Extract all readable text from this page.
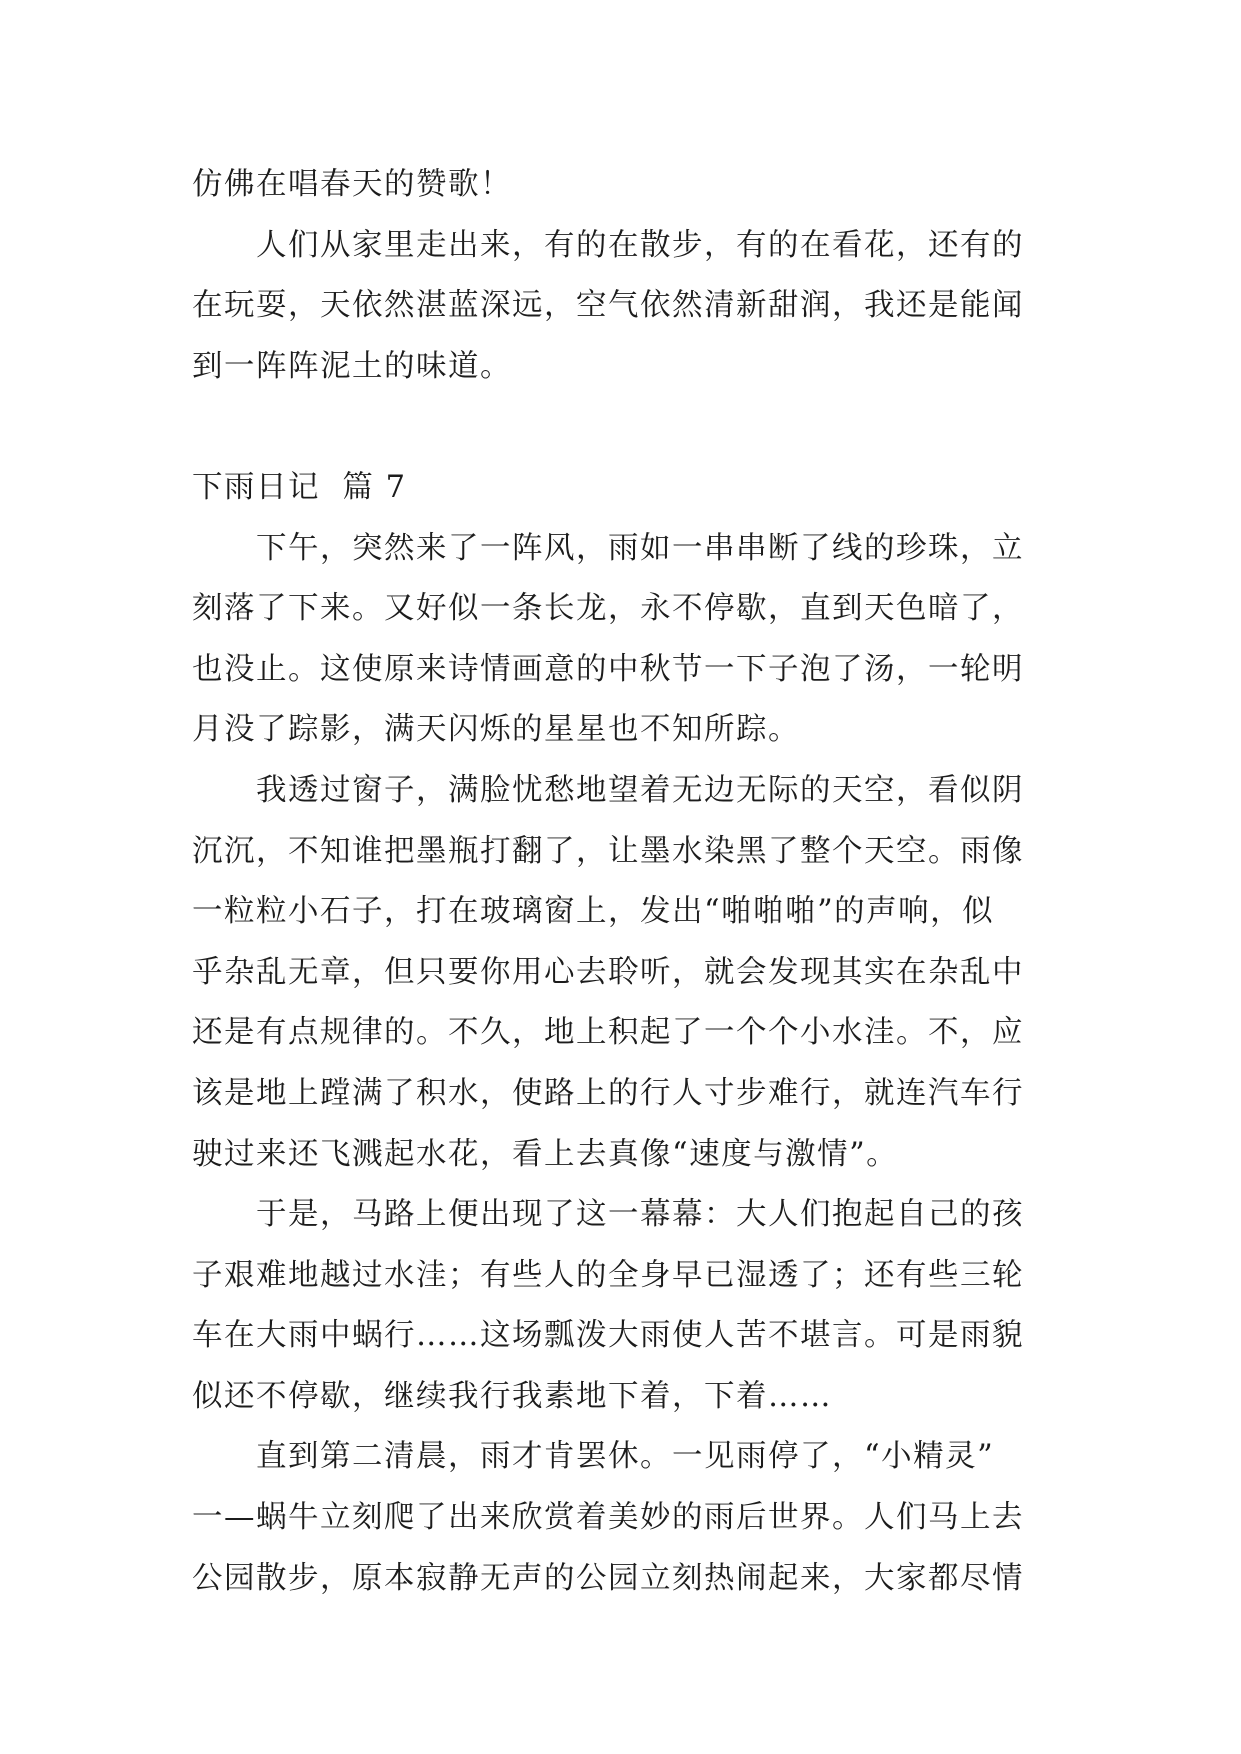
仿佛在唱春天的赞歌！
人们从家里走出来，有的在散步，有的在看花，还有的
在玩耍，天依然湛蓝深远，空气依然清新甜润，我还是能闻
到一阵阵泥土的味道。
下雨日记  篇 7
下午，突然来了一阵风，雨如一串串断了线的珍珠，立
刻落了下来。又好似一条长龙，永不停歇，直到天色暗了，
也没止。这使原来诗情画意的中秋节一下子泡了汤，一轮明
月没了踪影，满天闪烁的星星也不知所踪。
我透过窗子，满脸忧愁地望着无边无际的天空，看似阴
沉沉，不知谁把墨瓶打翻了，让墨水染黑了整个天空。雨像
一粒粒小石子，打在玻璃窗上，发出“啪啪啪”的声响，似
乎杂乱无章，但只要你用心去聆听，就会发现其实在杂乱中
还是有点规律的。不久，地上积起了一个个小水洼。不，应
该是地上蹚满了积水，使路上的行人寸步难行，就连汽车行
驶过来还飞溅起水花，看上去真像“速度与激情”。
于是，马路上便出现了这一幕幕：大人们抱起自己的孩
子艰难地越过水洼；有些人的全身早已湿透了；还有些三轮
车在大雨中蜗行……这场瓢泼大雨使人苦不堪言。可是雨貌
似还不停歇，继续我行我素地下着，下着……
直到第二清晨，雨才肯罢休。一见雨停了，“小精灵”
一—蜗牛立刻爬了出来欣赏着美妙的雨后世界。人们马上去
公园散步，原本寂静无声的公园立刻热闹起来，大家都尽情
